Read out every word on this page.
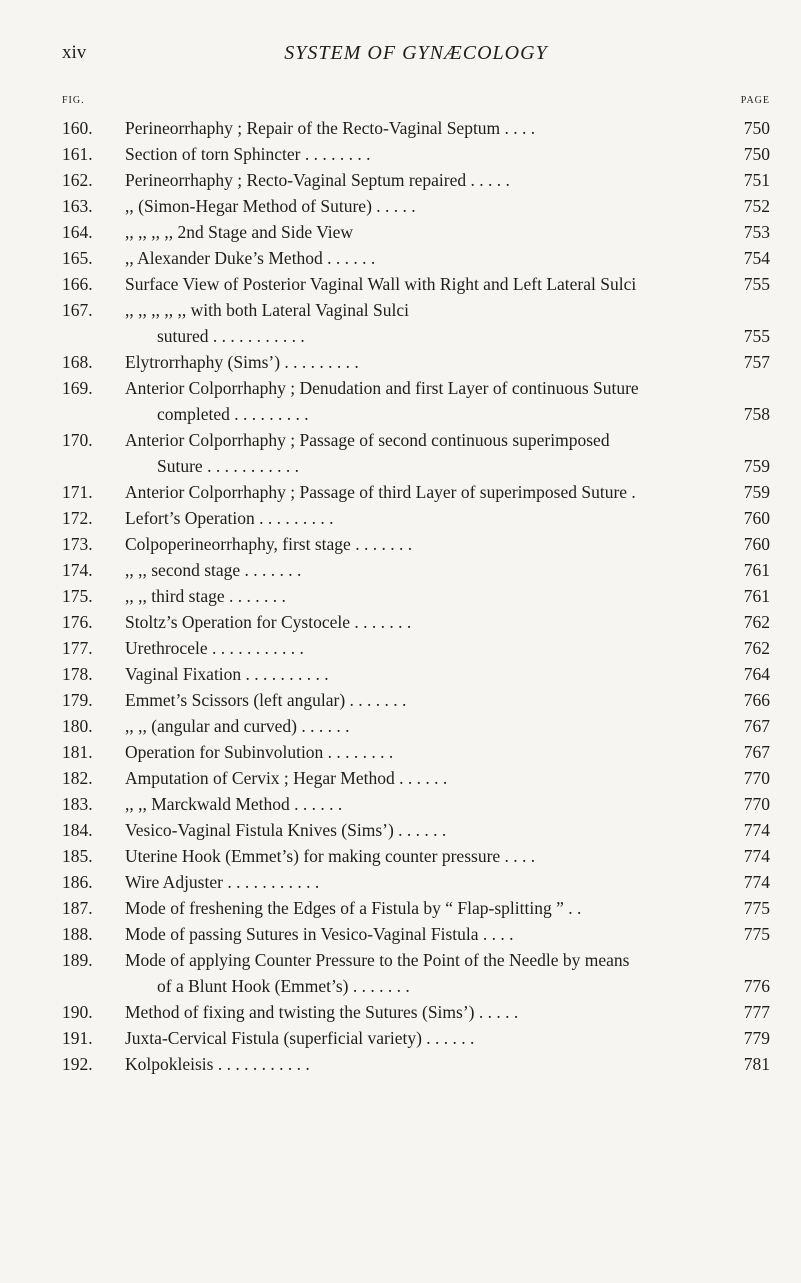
xiv	SYSTEM OF GYNÆCOLOGY
FIG.	PAGE
160.	Perineorrhaphy ; Repair of the Recto-Vaginal Septum . . . .	750
161.	Section of torn Sphincter . . . . . . . .	750
162.	Perineorrhaphy ; Recto-Vaginal Septum repaired . . . . .	751
163.	,, (Simon-Hegar Method of Suture) . . . . .	752
164.	,, ,, ,, ,, 2nd Stage and Side View	753
165.	,, Alexander Duke’s Method . . . . . .	754
166.	Surface View of Posterior Vaginal Wall with Right and Left Lateral Sulci	755
167.	,, ,, ,, ,, ,, with both Lateral Vaginal Sulci
sutured . . . . . . . . . . .	755
168.	Elytrorrhaphy (Sims’) . . . . . . . . .	757
169.	Anterior Colporrhaphy ; Denudation and first Layer of continuous Suture
completed . . . . . . . . .	758
170.	Anterior Colporrhaphy ; Passage of second continuous superimposed
Suture . . . . . . . . . . .	759
171.	Anterior Colporrhaphy ; Passage of third Layer of superimposed Suture .	759
172.	Lefort’s Operation . . . . . . . . .	760
173.	Colpoperineorrhaphy, first stage . . . . . . .	760
174.	,, ,, second stage . . . . . . .	761
175.	,, ,, third stage . . . . . . .	761
176.	Stoltz’s Operation for Cystocele . . . . . . .	762
177.	Urethrocele . . . . . . . . . . .	762
178.	Vaginal Fixation . . . . . . . . . .	764
179.	Emmet’s Scissors (left angular) . . . . . . .	766
180.	,, ,, (angular and curved) . . . . . .	767
181.	Operation for Subinvolution . . . . . . . .	767
182.	Amputation of Cervix ; Hegar Method . . . . . .	770
183.	,, ,, Marckwald Method . . . . . .	770
184.	Vesico-Vaginal Fistula Knives (Sims’) . . . . . .	774
185.	Uterine Hook (Emmet’s) for making counter pressure . . . .	774
186.	Wire Adjuster . . . . . . . . . . .	774
187.	Mode of freshening the Edges of a Fistula by “ Flap-splitting ” . .	775
188.	Mode of passing Sutures in Vesico-Vaginal Fistula . . . .	775
189.	Mode of applying Counter Pressure to the Point of the Needle by means
of a Blunt Hook (Emmet’s) . . . . . . .	776
190.	Method of fixing and twisting the Sutures (Sims’) . . . . .	777
191.	Juxta-Cervical Fistula (superficial variety) . . . . . .	779
192.	Kolpokleisis . . . . . . . . . . .	781
